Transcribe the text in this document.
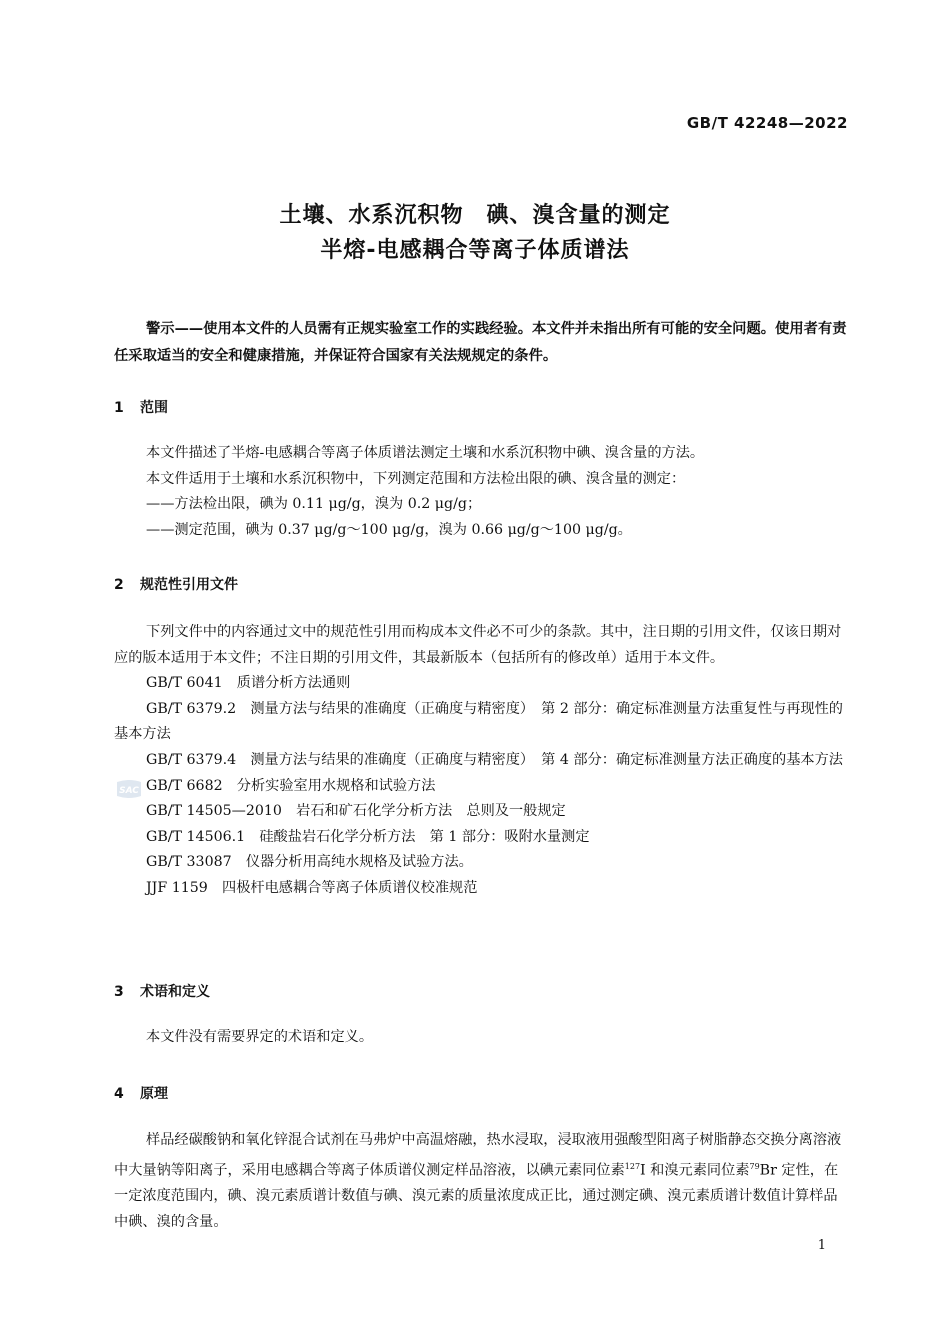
GB/T 42248—2022
土壤、水系沉积物　碘、溴含量的测定
半熔-电感耦合等离子体质谱法
警示——使用本文件的人员需有正规实验室工作的实践经验。本文件并未指出所有可能的安全问题。使用者有责任采取适当的安全和健康措施，并保证符合国家有关法规规定的条件。
1 范围

本文件描述了半熔-电感耦合等离子体质谱法测定土壤和水系沉积物中碘、溴含量的方法。

本文件适用于土壤和水系沉积物中，下列测定范围和方法检出限的碘、溴含量的测定：

——方法检出限，碘为 0.11 μg/g，溴为 0.2 μg/g；

——测定范围，碘为 0.37 μg/g～100 μg/g，溴为 0.66 μg/g～100 μg/g。

2 规范性引用文件

下列文件中的内容通过文中的规范性引用而构成本文件必不可少的条款。其中，注日期的引用文件，仅该日期对应的版本适用于本文件；不注日期的引用文件，其最新版本（包括所有的修改单）适用于本文件。

GB/T 6041　质谱分析方法通则

GB/T 6379.2　测量方法与结果的准确度（正确度与精密度）　第 2 部分：确定标准测量方法重复性与再现性的基本方法

GB/T 6379.4　测量方法与结果的准确度（正确度与精密度）　第 4 部分：确定标准测量方法正确度的基本方法

GB/T 6682　分析实验室用水规格和试验方法

GB/T 14505—2010　岩石和矿石化学分析方法　总则及一般规定

GB/T 14506.1　硅酸盐岩石化学分析方法　第 1 部分：吸附水量测定

GB/T 33087　仪器分析用高纯水规格及试验方法。

JJF 1159　四极杆电感耦合等离子体质谱仪校准规范

3 术语和定义

本文件没有需要界定的术语和定义。

4 原理

样品经碳酸钠和氧化锌混合试剂在马弗炉中高温熔融，热水浸取，浸取液用强酸型阳离子树脂静态交换分离溶液中大量钠等阳离子，采用电感耦合等离子体质谱仪测定样品溶液，以碘元素同位素$^{127}$I 和溴元素同位素$^{79}$Br 定性，在一定浓度范围内，碘、溴元素质谱计数值与碘、溴元素的质量浓度成正比，通过测定碘、溴元素质谱计数值计算样品中碘、溴的含量。

SAC
1
